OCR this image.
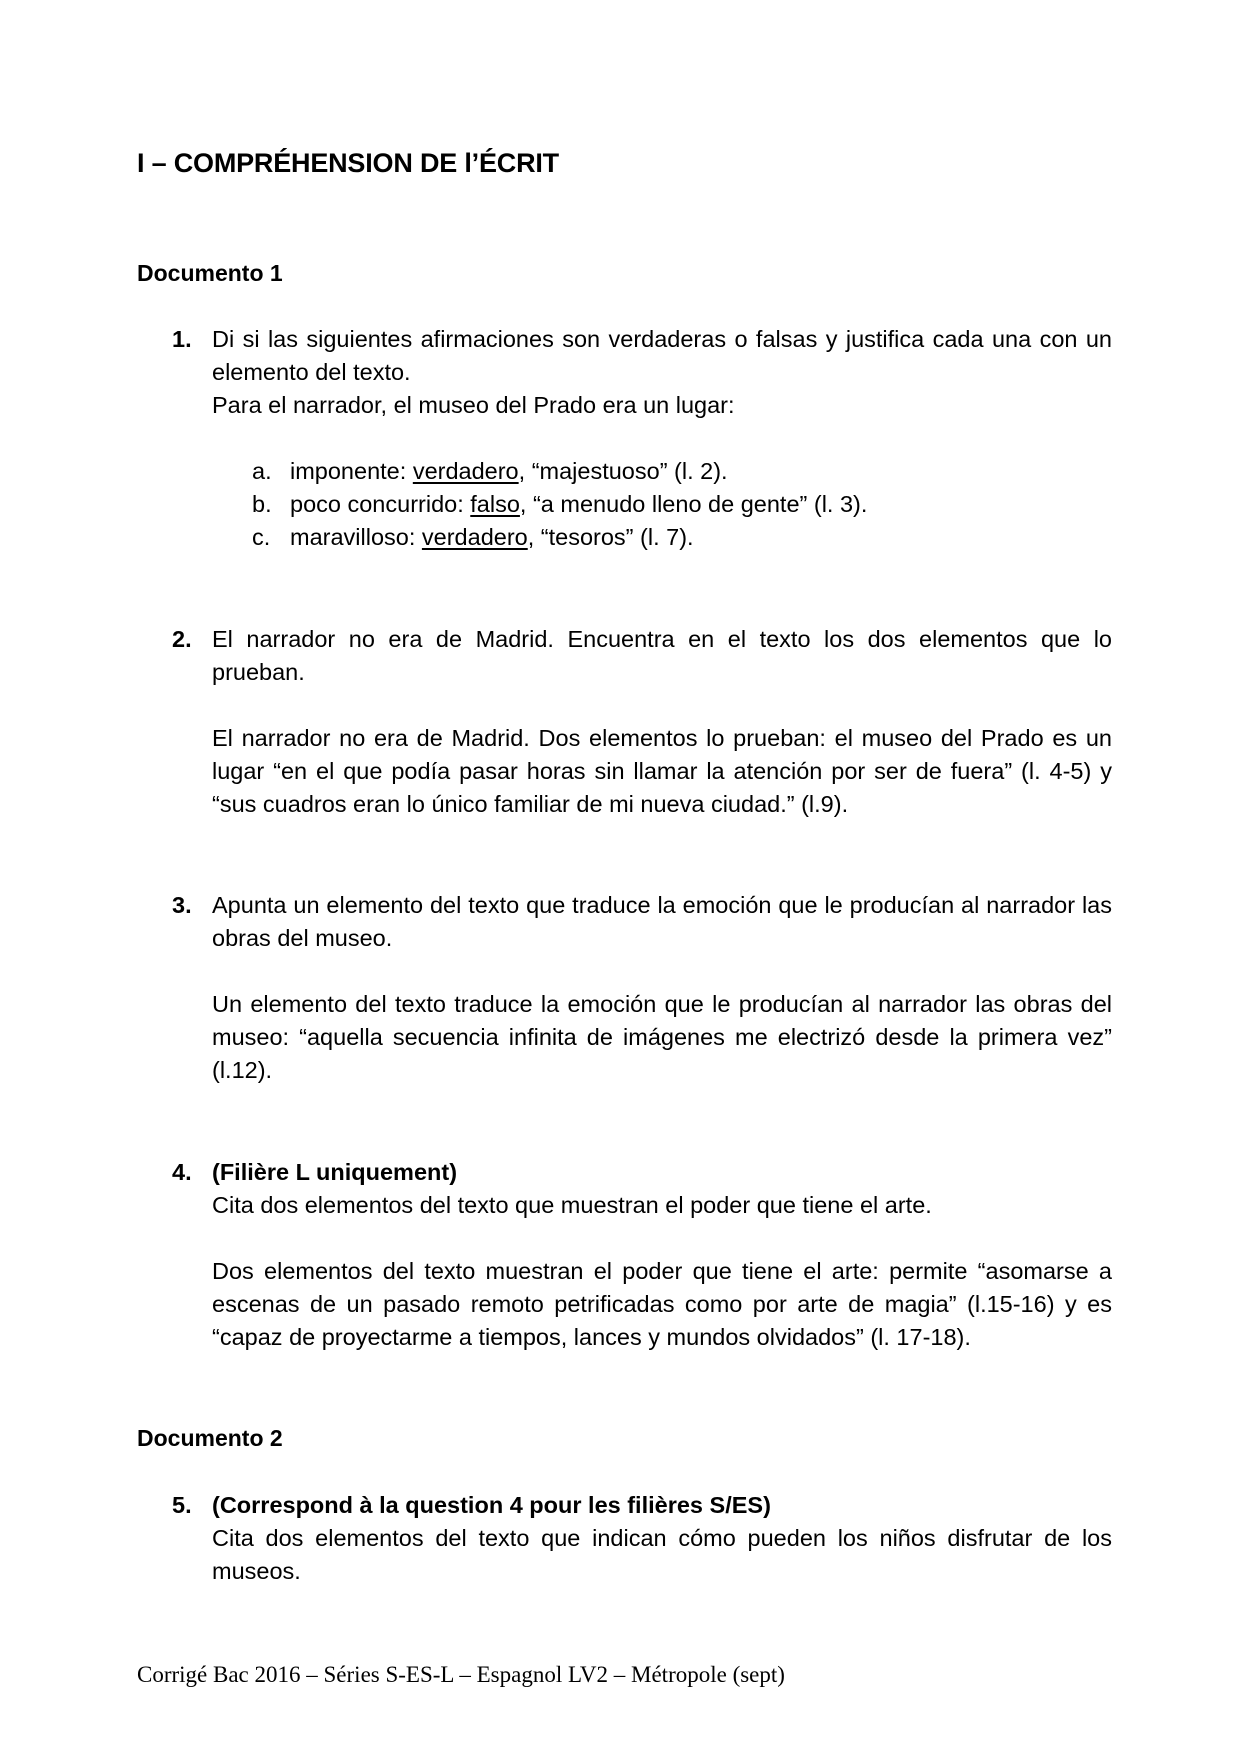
I – COMPRÉHENSION DE l’ÉCRIT
Documento 1
1. Di si las siguientes afirmaciones son verdaderas o falsas y justifica cada una con un elemento del texto.

Para el narrador, el museo del Prado era un lugar:

a. imponente: verdadero, “majestuoso” (l. 2).
b. poco concurrido: falso, “a menudo lleno de gente” (l. 3).
c. maravilloso: verdadero, “tesoros” (l. 7).
2. El narrador no era de Madrid. Encuentra en el texto los dos elementos que lo prueban.

El narrador no era de Madrid. Dos elementos lo prueban: el museo del Prado es un lugar “en el que podía pasar horas sin llamar la atención por ser de fuera” (l. 4-5) y “sus cuadros eran lo único familiar de mi nueva ciudad.” (l.9).

3. Apunta un elemento del texto que traduce la emoción que le producían al narrador las obras del museo.

Un elemento del texto traduce la emoción que le producían al narrador las obras del museo: “aquella secuencia infinita de imágenes me electrizó desde la primera vez” (l.12).

4. (Filière L uniquement)

Cita dos elementos del texto que muestran el poder que tiene el arte.

Dos elementos del texto muestran el poder que tiene el arte: permite “asomarse a escenas de un pasado remoto petrificadas como por arte de magia” (l.15-16) y es “capaz de proyectarme a tiempos, lances y mundos olvidados” (l. 17-18).

Documento 2
5. (Correspond à la question 4 pour les filières S/ES)

Cita dos elementos del texto que indican cómo pueden los niños disfrutar de los museos.

Corrigé Bac 2016 – Séries S-ES-L – Espagnol LV2 – Métropole (sept)
